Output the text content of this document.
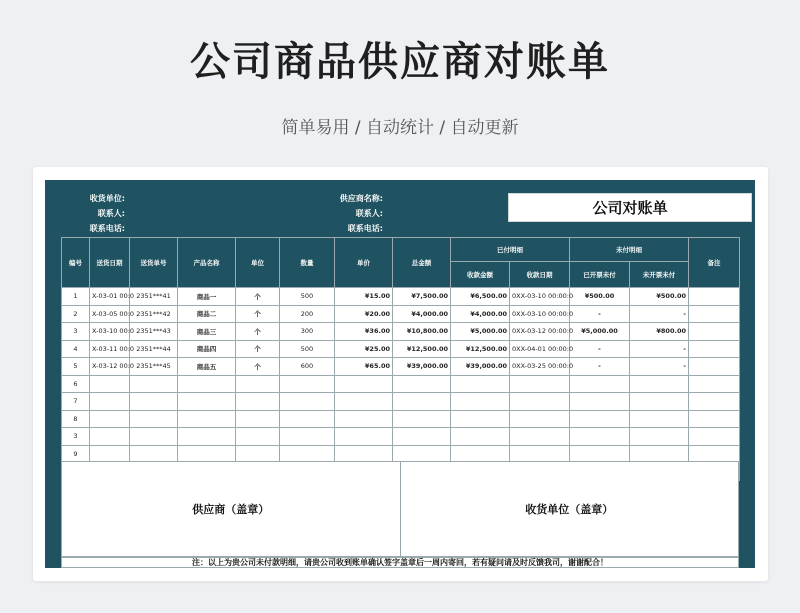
公司商品供应商对账单
简单易用 / 自动统计 / 自动更新
收货单位:
联系人:
联系电话:
供应商名称:
联系人:
联系电话:
公司对账单
编号	送货日期	送货单号	产品名称	单位	数量	单价	总金额	已付明细		未付明细		备注
								收款金额	收款日期	已开票未付	未开票未付	
1	X-03-01 00:0	2351***41	商品一	个	500	¥15.00	¥7,500.00	¥6,500.00	0XX-03-10 00:00:0	¥500.00	¥500.00	
2	X-03-05 00:0	2351***42	商品二	个	200	¥20.00	¥4,000.00	¥4,000.00	0XX-03-10 00:00:0	-	-	
3	X-03-10 00:0	2351***43	商品三	个	300	¥36.00	¥10,800.00	¥5,000.00	0XX-03-12 00:00:0	¥5,000.00	¥800.00	
4	X-03-11 00:0	2351***44	商品四	个	500	¥25.00	¥12,500.00	¥12,500.00	0XX-04-01 00:00:0	-	-	
5	X-03-12 00:0	2351***45	商品五	个	600	¥65.00	¥39,000.00	¥39,000.00	0XX-03-25 00:00:0	-	-	
6												
7												
8												
3												
9												

供应商（盖章）	收货单位（盖章）
注：以上为贵公司未付款明细，请贵公司收到账单确认签字盖章后一周内寄回，若有疑问请及时反馈我司，谢谢配合！
